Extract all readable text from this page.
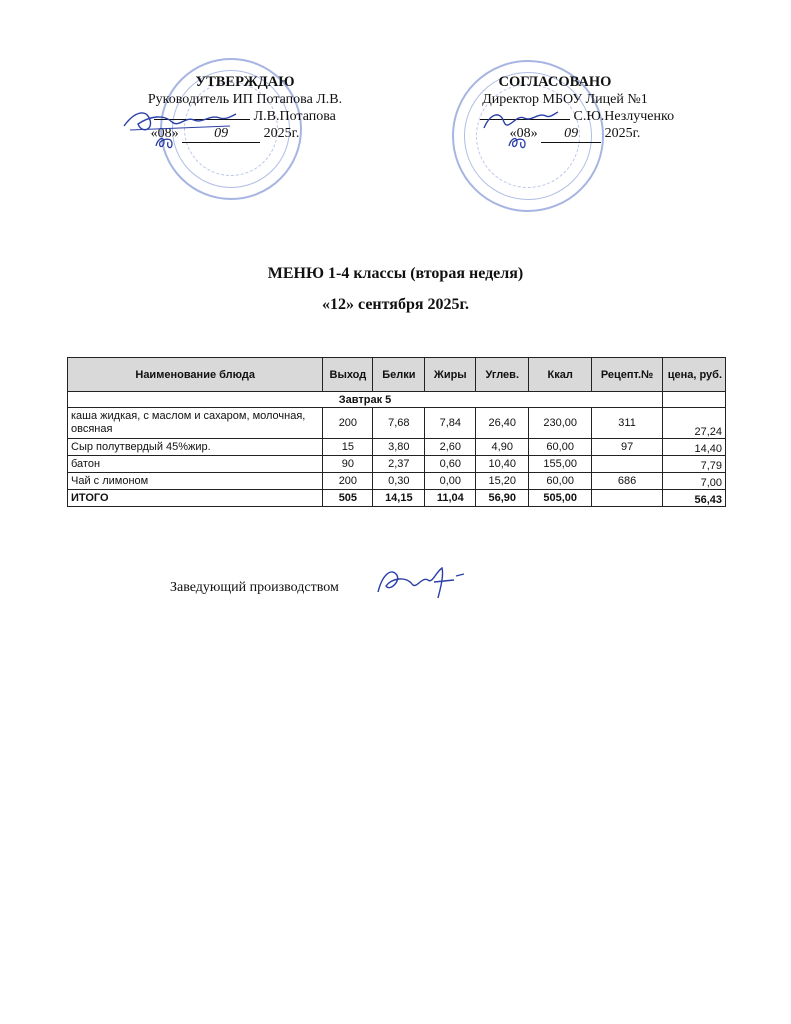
УТВЕРЖДАЮ
Руководитель ИП Потапова Л.В.
Л.В.Потапова
«08»	09	2025г.
СОГЛАСОВАНО
Директор МБОУ Лицей №1
С.Ю.Незлученко
«08» 09 2025г.
МЕНЮ 1-4 классы (вторая неделя)
«12» сентября 2025г.
Наименование блюда	Выход	Белки	Жиры	Углев.	Ккал	Рецепт.№	цена, руб.
Завтрак 5							
каша жидкая, с маслом и сахаром, молочная, овсяная	200	7,68	7,84	26,40	230,00	311	27,24
Сыр полутвердый 45%жир.	15	3,80	2,60	4,90	60,00	97	14,40
батон	90	2,37	0,60	10,40	155,00		7,79
Чай с лимоном	200	0,30	0,00	15,20	60,00	686	7,00
ИТОГО	505	14,15	11,04	56,90	505,00		56,43
Заведующий производством
